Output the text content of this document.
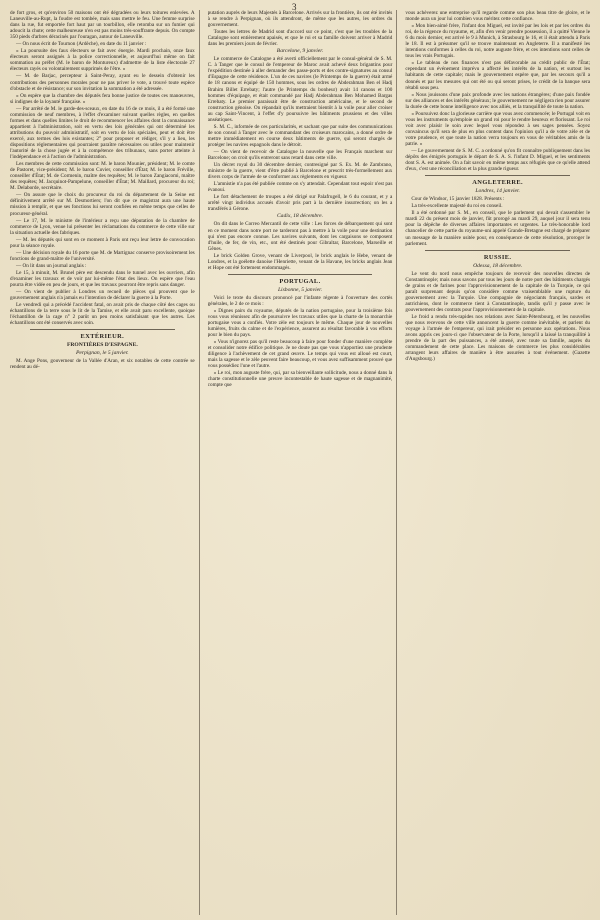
3

de fort gros, et qu'environ 50 maisons ont été dégradées ou leurs toitures enlevées. A Laneuville-au-Rupt, la foudre est tombée, mais sans mettre le feu. Une femme surprise dans la rue, fut emportée fort haut par un tourbillon, elle retomba sur un fumier qui adoucit la chute; cette malheureuse n'en est pas moins très-souffrante depuis. On compte 350 pieds d'arbres déracinés par l'ouragan, autour de Laneuville.

— On nous écrit de Tournon (Ardèche), en date du 11 janvier :

« La poursuite des faux électeurs se fait avec énergie. Mardi prochain, onze faux électeurs seront assignés à la police correctionnelle, et aujourd'hui même on fait sommation au préfet (M. le baron de Montureux) d'admettre de la liste électorale 27 électeurs rayés ou volontairement supprimés de l'être. »

— M. de Barjac, percepteur à Saint-Peray, ayant eu le dessein d'obtenir les contributions des personnes morales pour ne pas priver le vote, a trouvé toute espèce d'obstacle et de résistance; sur son invitation la sommation a été adressée.

« On espère que la chambre des députés fera bonne justice de toutes ces manœuvres, si indignes de la loyauté française. »

— Par arrêté de M. le garde-des-sceaux, en date du 16 de ce mois, il a été formé une commission de neuf membres, à l'effet d'examiner suivant quelles règles, en quelles formes et dans quelles limites le droit de recommencer les affaires dont la connaissance appartient à l'administration, soit en vertu des lois générales qui ont déterminé les attributions du pouvoir administratif, soit en vertu de lois spéciales, peut et doit être exercé, aux termes des lois existantes; 2° pour proposer et rédiger, s'il y a lieu, les dispositions réglementaires qui pourraient paraître nécessaires ou utiles pour maintenir l'autorité de la chose jugée et à la compétence des tribunaux, sans porter atteinte à l'indépendance et à l'action de l'administration.

Les membres de cette commission sont: M. le baron Mounier, président; M. le comte de Pastoret, vice-président; M. le baron Cuvier, conseiller d'État; M. le baron Fréville, conseiller d'État; M. de Cormenin, maître des requêtes; M. le baron Zangiacomi, maître des requêtes; M. Jacquinot-Pampelune, conseiller d'État; M. Maillard, procureur du roi; M. Delaborde, secrétaire.

— On assure que le choix du procureur du roi du département de la Seine est définitivement arrêté sur M. Desmortiers; l'on dit que ce magistrat aura une haute mission à remplir, et que ses fonctions lui seront confiées en même temps que celles de procureur-général.

— Le 17, M. le ministre de l'intérieur a reçu une députation de la chambre de commerce de Lyon, venue lui présenter les réclamations du commerce de cette ville sur la situation actuelle des fabriques.

— M. les députés qui sont en ce moment à Paris ont reçu leur lettre de convocation pour la séance royale.

— Une décision royale du 16 porte que M. de Martignac conserve provisoirement les fonctions de grand-maître de l'université.

— On lit dans un journal anglais :

Le 15, à minuit, M. Brunel père est descendu dans le tunnel avec les ouvriers, afin d'examiner les travaux et de voir par lui-même l'état des lieux. On espère que l'eau pourra être vidée en peu de jours, et que les travaux pourront être repris sans danger.

— On vient de publier à Londres un recueil de pièces qui prouvent que le gouvernement anglais n'a jamais eu l'intention de déclarer la guerre à la Porte.

Le vendredi qui a précédé l'accident fatal, on avait pris de chaque côté des cages ou échantillons de la terre sous le lit de la Tamise, et elle avait paru excellente, quoique l'échantillon de la cage n° 2 parût un peu moins satisfaisant que les autres. Les échantillons ont été conservés avec soin.

EXTÉRIEUR.
FRONTIÈRES D'ESPAGNE.
Perpignan, le 5 janvier.

M. Ange Pons, gouverneur de la Vallée d'Aran, et six notables de cette contrée se rendent au dé-

putation auprès de leurs Majestés à Barcelone. Arrivés sur la frontière, ils ont été invités à se rendre à Perpignan, où ils attendront, de même que les autres, les ordres du gouvernement.

Toutes les lettres de Madrid sont d'accord sur ce point, c'est que les troubles de la Catalogne sont entièrement apaisés, et que le roi et sa famille doivent arriver à Madrid dans les premiers jours de février.

Barcelone, 9 janvier.

Le commerce de Catalogne a été averti officiellement par le consul-général de S. M. C. à Tanger que le consul de l'empereur de Maroc avait achevé deux brigantins pour l'expédition destinée à aller demander des passe-ports et des contre-signatures au consul d'Espagne de cette résidence. L'un de ces navires (le Printemps de la guerre) était armé de 18 canons et équipé de 150 hommes, sous les ordres de Abderahman Ben el Hadj Brahim Billet Errebaty; l'autre (le Printemps du bonheur) avait 14 canons et 100 hommes d'équipage, et était commandé par Hadj Abderahman Ben Mohamed Bargas Errebaty. Le premier paraissait être de construction américaine, et le second de construction génoise. On répandait qu'ils mettraient bientôt à la voile pour aller croiser au cap Saint-Vincent, à l'effet d'y poursuivre les bâtiments prussiens et des villes anséatiques.

S. M. C., informée de ces particularités, et sachant que par suite des communications de son consul à Tanger avec le commandant des croiseurs marocains, a donné ordre de mettre immédiatement en course deux bâtiments de guerre, qui seront chargés de protéger les navires espagnols dans le détroit.

— On vient de recevoir de Catalogne la nouvelle que les Français marchent sur Barcelone; on croit qu'ils entreront sans retard dans cette ville.

Un décret royal du 30 décembre dernier, contresigné par S. Ex. M. de Zambrano, ministre de la guerre, vient d'être publié à Barcelone et prescrit très-formellement aux divers corps de l'armée de se conformer aux règlements en vigueur.

L'amnistie n'a pas été publiée comme on s'y attendait. Cependant tout espoir n'est pas évanoui.

Le fort détachement de troupes a été dirigé sur Palafrugell, le 6 du courant, et y a arrêté vingt individus accusés d'avoir pris part à la dernière insurrection; on les a transférés à Gérone.

Cadix, 18 décembre.

On dit dans le Correo Mercantil de cette ville : Les forces de débarquement qui sont en ce moment dans notre port ne tarderont pas à mettre à la voile pour une destination qui n'est pas encore connue. Les navires suivants, dont les cargaisons se composent d'huile, de fer, de vin, etc., ont été destinés pour Gibraltar, Barcelone, Marseille et Gênes.

Le brick Golden Grove, venant de Liverpool, le brick anglais le Hebe, venant de Londres, et la goélette danoise l'Henriette, venant de la Havane, les bricks anglais Jean et Hope ont été fortement endommagés.

PORTUGAL.
Lisbonne, 5 janvier.

Voici le texte du discours prononcé par l'infante régente à l'ouverture des cortès générales, le 2 de ce mois :

« Dignes pairs du royaume, députés de la nation portugaise, pour la troisième fois vous vous réunissez afin de poursuivre les travaux utiles que la charte de la monarchie portugaise vous a confiés. Votre zèle est toujours le même. Chaque jour de nouvelles lumières, fruits du calme et de l'expérience, assurent au résultat favorable à vos efforts pour le bien du pays.

« Vous n'ignorez pas qu'il reste beaucoup à faire pour fonder d'une manière complète et consolider notre édifice politique. Je ne doute pas que vous n'apportiez une prudente diligence à l'achèvement de cet grand œuvre. Le temps qui vous est alloué est court, mais la sagesse et le zèle peuvent faire beaucoup, et vous avez suffisamment prouvé que vous possédiez l'une et l'autre.

« Le roi, mon auguste frère, qui, par sa bienveillante sollicitude, nous a donné dans la charte constitutionnelle une preuve incontestable de haute sagesse et de magnanimité, compte que

vous achèverez une entreprise qu'il regarde comme son plus beau titre de gloire, et le monde aura un jour lui combien vous méritez cette confiance.

« Mon bien-aimé frère, l'infant don Miguel, est invité par les lois et par les ordres du roi, de la régence du royaume, et, afin d'en venir prendre possession, il a quitté Vienne le 6 du mois dernier, est arrivé le 9 à Munich, à Strasbourg le 16, et il était attendu à Paris le 18. Il est à présumer qu'il se trouve maintenant en Angleterre. Il a manifesté les intentions conformes à celles du roi, notre auguste frère, et ces intentions sont celles de tous les vrais Portugais.

« Le tableau de nos finances n'est pas défavorable au crédit public de l'État; cependant un événement imprévu a affecté les intérêts de la nation, et surtout les habitants de cette capitale; mais le gouvernement espère que, par les secours qu'il a donnés et par les mesures qui ont été ou qui seront prises, le crédit de la banque sera rétabli sous peu.

« Nous jouissons d'une paix profonde avec les nations étrangères; d'une paix fondée sur des alliances et des intérêts généraux; le gouvernement ne négligera rien pour assurer la durée de cette bonne intelligence avec nos alliés, et la tranquillité de toute la nation.

« Poursuivez donc la glorieuse carrière que vous avez commencée; le Portugal voit en vous les instruments qu'emploie un grand roi pour le rendre heureux et florissant. Le roi voit avec plaisir le soin avec lequel vous répondez à ses sages pensées. Soyez convaincus qu'il sera de plus en plus content dans l'opinion qu'il a de votre zèle et de votre prudence, et que toute la nation verra toujours en vous de véritables amis de la patrie. »

— Le gouvernement de S. M. C. a ordonné qu'on fit connaître publiquement dans les dépôts des émigrés portugais le départ de S. A. S. l'infant D. Miguel, et les sentiments dont S. A. est animée. On a fait savoir en même temps aux réfugiés que ce qu'elle attend d'eux, c'est une réconciliation et la plus grande rigueur.

ANGLETERRE.
Londres, 14 janvier.

Cour de Windsor, 15 janvier 1828. Présents :

La très-excellente majesté du roi en conseil.

Il a été ordonné par S. M., en conseil, que le parlement qui devait s'assembler le mardi 22 du présent mois de janvier, fût prorogé au mardi 29, auquel jour il sera tenu pour la dépêche de diverses affaires importantes et urgentes. Le très-honorable lord chancelier de cette partie du royaume-uni appelé Grande-Bretagne est chargé de préparer un message de la manière usitée pour, en conséquence de cette résolution, proroger le parlement.

RUSSIE.
Odessa, 18 décembre.

Le vent du nord nous empêche toujours de recevoir des nouvelles directes de Constantinople; mais nous savons par tous les jours de notre port des bâtiments chargés de grains et de farines pour l'approvisionnement de la capitale de la Turquie, ce qui paraît surprenant depuis qu'on considère comme vraisemblable une rupture du gouvernement avec la Turquie. Une compagnie de négociants français, sardes et autrichiens, dont le commerce tient à Constantinople, tandis qu'il y passe avec le gouvernement des contrats pour l'approvisionnement de la capitale.

Le froid a rendu très-rapides nos relations avec Saint-Pétersbourg, et les nouvelles que nous recevons de cette ville annoncent la guerre comme inévitable, et parlent du voyage à l'armée de l'empereur, qui irait présider en personne aux opérations. Nous avons appris ces jours-ci que l'observateur de la Porte, lorsqu'il a laissé la tranquillité à prendre de la part des puissances, a été amené, avec toute sa famille, auprès du commandement de cette place. Les maisons de commerce les plus considérables arrangent leurs affaires de manière à être assurées à tout événement. (Gazette d'Augsbourg.)
